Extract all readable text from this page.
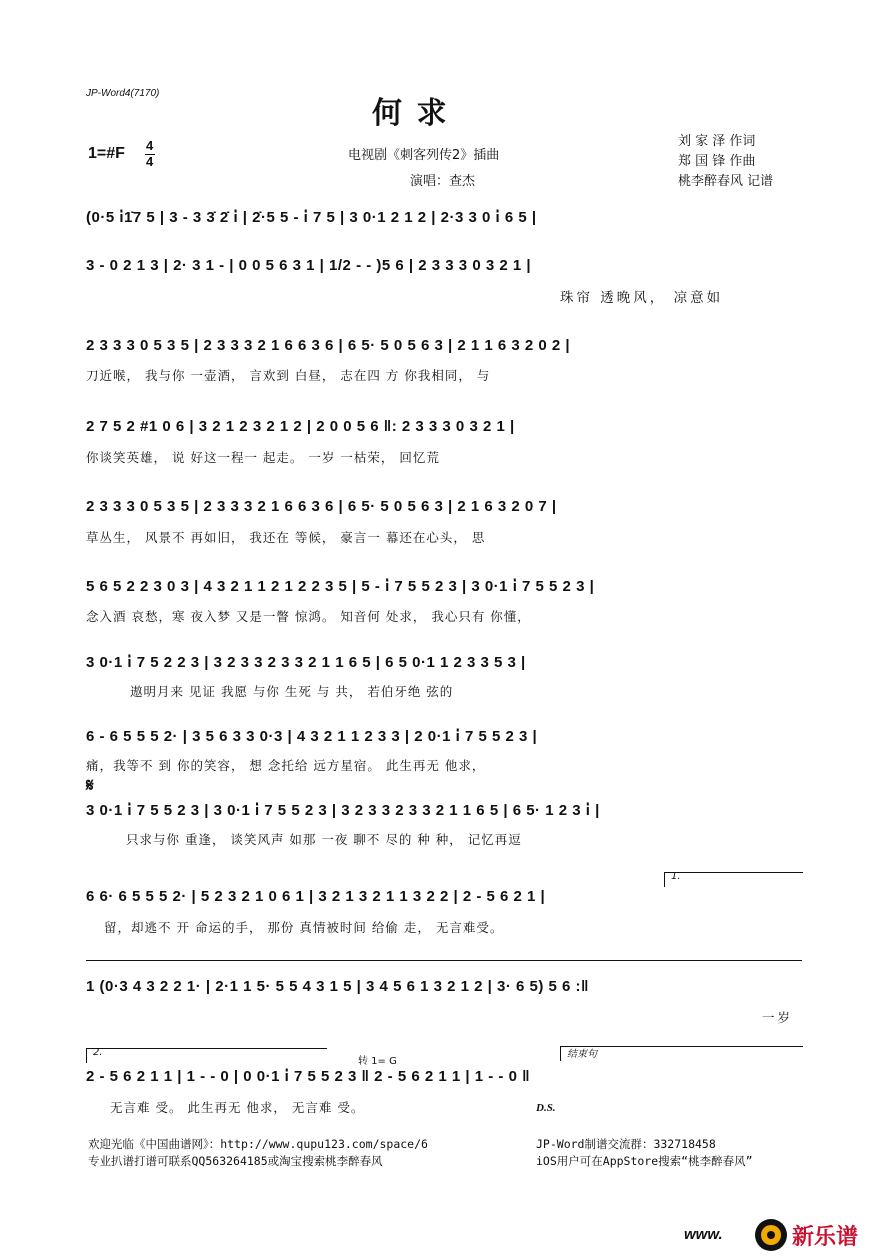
JP-Word4(7170)
何 求
1=#F 4
4	电视剧《刺客列传2》插曲
演唱：查杰
刘 家 泽 作词
郑 国 锋 作曲
桃李醉春风 记谱
(0·5 i̇1̇7 5 | 3 - 3 3̇ 2̇ i̇ | 2̇·5 5 - i̇ 7 5 | 3 0·1 2 1 2 | 2·3 3 0 i̇ 6 5 |
3 - 0 2 1 3 | 2· 3 1 - | 0 0 5 6 3 1 | 1/2 - - )5 6 | 2 3 3 3 0 3 2 1 |
珠帘 透晚风， 凉意如
2 3 3 3 0 5 3 5 | 2 3 3 3 2 1 6 6 3 6 | 6 5· 5 0 5 6 3 | 2 1 1 6 3 2 0 2 |
刀近喉， 我与你 一壶酒， 言欢到 白昼， 志在四 方 你我相同， 与
2 7 5 2 #1 0 6 | 3 2 1 2 3 2 1 2 | 2 0 0 5 6 ‖: 2 3 3 3 0 3 2 1 |
你谈笑英雄， 说 好这一程一 起走。 一岁 一枯荣， 回忆荒
2 3 3 3 0 5 3 5 | 2 3 3 3 2 1 6 6 3 6 | 6 5· 5 0 5 6 3 | 2 1 6 3 2 0 7 |
草丛生， 风景不 再如旧， 我还在 等候， 豪言一 幕还在心头， 思
5 6 5 2 2 3 0 3 | 4 3 2 1 1 2 1 2 2 3 5 | 5 - i̇ 7 5 5 2 3 | 3 0·1 i̇ 7 5 5 2 3 |
念入酒 哀愁，寒 夜入梦 又是一瞥 惊鸿。 知音何 处求， 我心只有 你懂，
3 0·1 i̇ 7 5 2 2 3 | 3 2 3 3 2 3 3 2 1 1 6 5 | 6 5 0·1 1 2 3 3 5 3 |
遨明月来 见证 我愿 与你 生死 与 共， 若伯牙绝 弦的
6 - 6 5 5 5 2· | 3 5 6 3 3 0·3 | 4 3 2 1 1 2 3 3 | 2 0·1 i̇ 7 5 5 2 3 |
痛，我等不 到 你的笑容， 想 念托给 远方星宿。 此生再无 他求，
𝄋
3 0·1 i̇ 7 5 5 2 3 | 3 0·1 i̇ 7 5 5 2 3 | 3 2 3 3 2 3 3 2 1 1 6 5 | 6 5· 1 2 3 i̇ |
只求与你 重逢， 谈笑风声 如那 一夜 聊不 尽的 种 种， 记忆再逗
1.
6 6· 6 5 5 5 2· | 5 2 3 2 1 0 6 1 | 3 2 1 3 2 1 1 3 2 2 | 2 - 5 6 2 1 |
留，却逃不 开 命运的手， 那份 真情被时间 给偷 走， 无言难受。
1 (0·3 4 3 2 2 1· | 2·1 1 5· 5 5 4 3 1 5 | 3 4 5 6 1 3 2 1 2 | 3· 6 5) 5 6 :‖
一岁
2.
转 1= G
结束句
2 - 5 6 2 1 1 | 1 - - 0 | 0 0·1 i̇ 7 5 5 2 3 ‖ 2 - 5 6 2 1 1 | 1 - - 0 ‖
无言难 受。 此生再无 他求， 无言难 受。	D.S.
欢迎光临《中国曲谱网》：http://www.qupu123.com/space/6
专业扒谱打谱可联系QQ563264185或淘宝搜索桃李醉春风
JP-Word制谱交流群：332718458
iOS用户可在AppStore搜索“桃李醉春风”
www.	新乐谱
